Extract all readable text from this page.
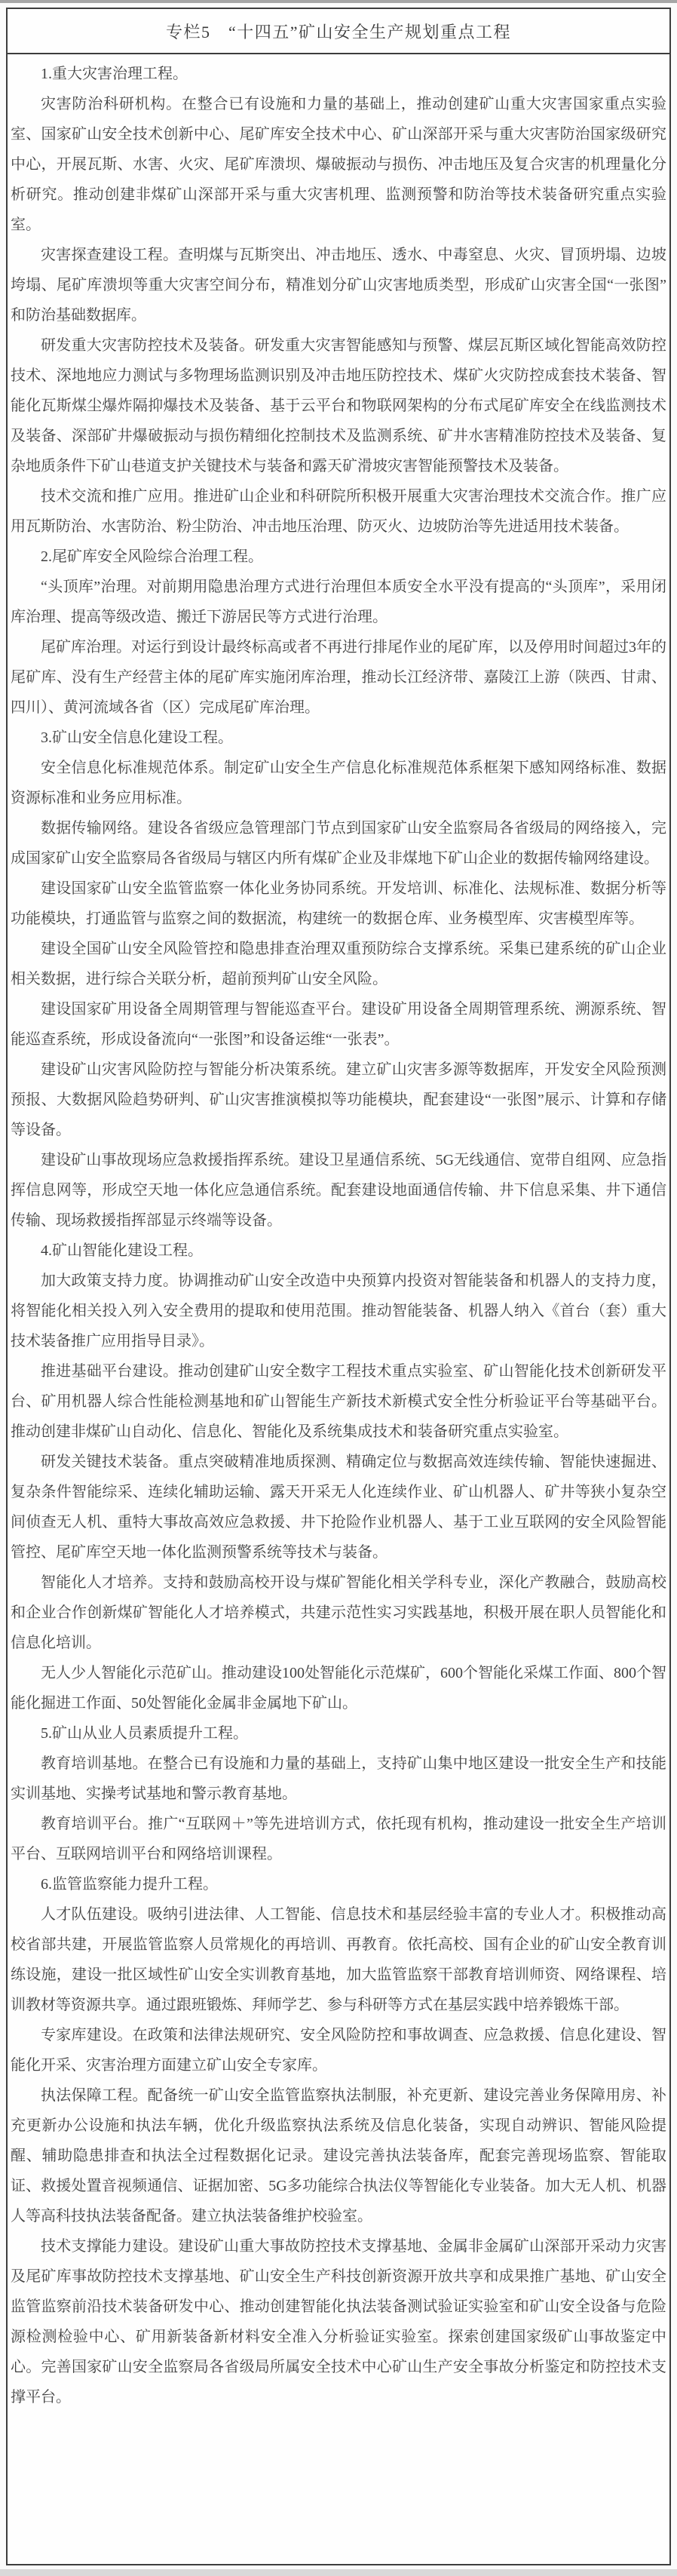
专栏5　“十四五”矿山安全生产规划重点工程

1.重大灾害治理工程。

灾害防治科研机构。在整合已有设施和力量的基础上，推动创建矿山重大灾害国家重点实验室、国家矿山安全技术创新中心、尾矿库安全技术中心、矿山深部开采与重大灾害防治国家级研究中心，开展瓦斯、水害、火灾、尾矿库溃坝、爆破振动与损伤、冲击地压及复合灾害的机理量化分析研究。推动创建非煤矿山深部开采与重大灾害机理、监测预警和防治等技术装备研究重点实验室。

灾害探查建设工程。查明煤与瓦斯突出、冲击地压、透水、中毒窒息、火灾、冒顶坍塌、边坡垮塌、尾矿库溃坝等重大灾害空间分布，精准划分矿山灾害地质类型，形成矿山灾害全国“一张图”和防治基础数据库。

研发重大灾害防控技术及装备。研发重大灾害智能感知与预警、煤层瓦斯区域化智能高效防控技术、深地地应力测试与多物理场监测识别及冲击地压防控技术、煤矿火灾防控成套技术装备、智能化瓦斯煤尘爆炸隔抑爆技术及装备、基于云平台和物联网架构的分布式尾矿库安全在线监测技术及装备、深部矿井爆破振动与损伤精细化控制技术及监测系统、矿井水害精准防控技术及装备、复杂地质条件下矿山巷道支护关键技术与装备和露天矿滑坡灾害智能预警技术及装备。

技术交流和推广应用。推进矿山企业和科研院所积极开展重大灾害治理技术交流合作。推广应用瓦斯防治、水害防治、粉尘防治、冲击地压治理、防灭火、边坡防治等先进适用技术装备。

2.尾矿库安全风险综合治理工程。

“头顶库”治理。对前期用隐患治理方式进行治理但本质安全水平没有提高的“头顶库”，采用闭库治理、提高等级改造、搬迁下游居民等方式进行治理。

尾矿库治理。对运行到设计最终标高或者不再进行排尾作业的尾矿库，以及停用时间超过3年的尾矿库、没有生产经营主体的尾矿库实施闭库治理，推动长江经济带、嘉陵江上游（陕西、甘肃、四川）、黄河流域各省（区）完成尾矿库治理。

3.矿山安全信息化建设工程。

安全信息化标准规范体系。制定矿山安全生产信息化标准规范体系框架下感知网络标准、数据资源标准和业务应用标准。

数据传输网络。建设各省级应急管理部门节点到国家矿山安全监察局各省级局的网络接入，完成国家矿山安全监察局各省级局与辖区内所有煤矿企业及非煤地下矿山企业的数据传输网络建设。

建设国家矿山安全监管监察一体化业务协同系统。开发培训、标准化、法规标准、数据分析等功能模块，打通监管与监察之间的数据流，构建统一的数据仓库、业务模型库、灾害模型库等。

建设全国矿山安全风险管控和隐患排查治理双重预防综合支撑系统。采集已建系统的矿山企业相关数据，进行综合关联分析，超前预判矿山安全风险。

建设国家矿用设备全周期管理与智能巡查平台。建设矿用设备全周期管理系统、溯源系统、智能巡查系统，形成设备流向“一张图”和设备运维“一张表”。

建设矿山灾害风险防控与智能分析决策系统。建立矿山灾害多源等数据库，开发安全风险预测预报、大数据风险趋势研判、矿山灾害推演模拟等功能模块，配套建设“一张图”展示、计算和存储等设备。

建设矿山事故现场应急救援指挥系统。建设卫星通信系统、5G无线通信、宽带自组网、应急指挥信息网等，形成空天地一体化应急通信系统。配套建设地面通信传输、井下信息采集、井下通信传输、现场救援指挥部显示终端等设备。

4.矿山智能化建设工程。

加大政策支持力度。协调推动矿山安全改造中央预算内投资对智能装备和机器人的支持力度，将智能化相关投入列入安全费用的提取和使用范围。推动智能装备、机器人纳入《首台（套）重大技术装备推广应用指导目录》。

推进基础平台建设。推动创建矿山安全数字工程技术重点实验室、矿山智能化技术创新研发平台、矿用机器人综合性能检测基地和矿山智能生产新技术新模式安全性分析验证平台等基础平台。推动创建非煤矿山自动化、信息化、智能化及系统集成技术和装备研究重点实验室。

研发关键技术装备。重点突破精准地质探测、精确定位与数据高效连续传输、智能快速掘进、复杂条件智能综采、连续化辅助运输、露天开采无人化连续作业、矿山机器人、矿井等狭小复杂空间侦查无人机、重特大事故高效应急救援、井下抢险作业机器人、基于工业互联网的安全风险智能管控、尾矿库空天地一体化监测预警系统等技术与装备。

智能化人才培养。支持和鼓励高校开设与煤矿智能化相关学科专业，深化产教融合，鼓励高校和企业合作创新煤矿智能化人才培养模式，共建示范性实习实践基地，积极开展在职人员智能化和信息化培训。

无人少人智能化示范矿山。推动建设100处智能化示范煤矿，600个智能化采煤工作面、800个智能化掘进工作面、50处智能化金属非金属地下矿山。

5.矿山从业人员素质提升工程。

教育培训基地。在整合已有设施和力量的基础上，支持矿山集中地区建设一批安全生产和技能实训基地、实操考试基地和警示教育基地。

教育培训平台。推广“互联网＋”等先进培训方式，依托现有机构，推动建设一批安全生产培训平台、互联网培训平台和网络培训课程。

6.监管监察能力提升工程。

人才队伍建设。吸纳引进法律、人工智能、信息技术和基层经验丰富的专业人才。积极推动高校省部共建，开展监管监察人员常规化的再培训、再教育。依托高校、国有企业的矿山安全教育训练设施，建设一批区域性矿山安全实训教育基地，加大监管监察干部教育培训师资、网络课程、培训教材等资源共享。通过跟班锻炼、拜师学艺、参与科研等方式在基层实践中培养锻炼干部。

专家库建设。在政策和法律法规研究、安全风险防控和事故调查、应急救援、信息化建设、智能化开采、灾害治理方面建立矿山安全专家库。

执法保障工程。配备统一矿山安全监管监察执法制服，补充更新、建设完善业务保障用房、补充更新办公设施和执法车辆，优化升级监察执法系统及信息化装备，实现自动辨识、智能风险提醒、辅助隐患排查和执法全过程数据化记录。建设完善执法装备库，配套完善现场监察、智能取证、救援处置音视频通信、证据加密、5G多功能综合执法仪等智能化专业装备。加大无人机、机器人等高科技执法装备配备。建立执法装备维护校验室。

技术支撑能力建设。建设矿山重大事故防控技术支撑基地、金属非金属矿山深部开采动力灾害及尾矿库事故防控技术支撑基地、矿山安全生产科技创新资源开放共享和成果推广基地、矿山安全监管监察前沿技术装备研发中心、推动创建智能化执法装备测试验证实验室和矿山安全设备与危险源检测检验中心、矿用新装备新材料安全准入分析验证实验室。探索创建国家级矿山事故鉴定中心。完善国家矿山安全监察局各省级局所属安全技术中心矿山生产安全事故分析鉴定和防控技术支撑平台。
